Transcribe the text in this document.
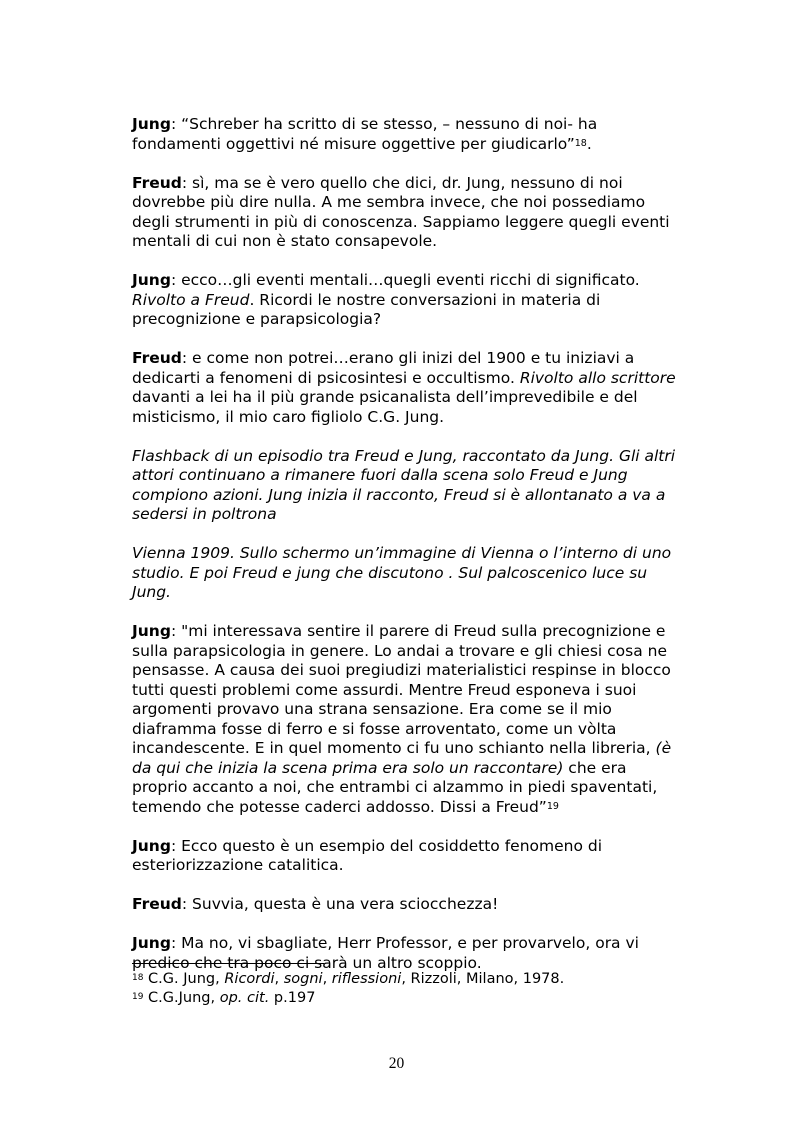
Jung: “Schreber ha scritto di se stesso, – nessuno di noi- ha fondamenti oggettivi né misure oggettive per giudicarlo”$^{18}$.

Freud: sì, ma se è vero quello che dici, dr. Jung, nessuno di noi dovrebbe più dire nulla. A me sembra invece, che noi possediamo degli strumenti in più di conoscenza. Sappiamo leggere quegli eventi mentali di cui non è stato consapevole.

Jung: ecco…gli eventi mentali…quegli eventi ricchi di significato. Rivolto a Freud. Ricordi le nostre conversazioni in materia di precognizione e parapsicologia?

Freud: e come non potrei…erano gli inizi del 1900 e tu iniziavi a dedicarti a fenomeni di psicosintesi e occultismo. Rivolto allo scrittore davanti a lei ha il più grande psicanalista dell’imprevedibile e del misticismo, il mio caro figliolo C.G. Jung.

Flashback di un episodio tra Freud e Jung, raccontato da Jung. Gli altri attori continuano a rimanere fuori dalla scena solo Freud e Jung compiono azioni. Jung inizia il racconto, Freud si è allontanato a va a sedersi in poltrona

Vienna 1909. Sullo schermo un’immagine di Vienna o l’interno di uno studio. E poi Freud e jung che discutono . Sul palcoscenico luce su Jung.

Jung: "mi interessava sentire il parere di Freud sulla precognizione e sulla parapsicologia in genere. Lo andai a trovare e gli chiesi cosa ne pensasse. A causa dei suoi pregiudizi materialistici respinse in blocco tutti questi problemi come assurdi. Mentre Freud esponeva i suoi argomenti provavo una strana sensazione. Era come se il mio diaframma fosse di ferro e si fosse arroventato, come un vòlta incandescente. E in quel momento ci fu uno schianto nella libreria, (è da qui che inizia la scena prima era solo un raccontare) che era proprio accanto a noi, che entrambi ci alzammo in piedi spaventati, temendo che potesse caderci addosso. Dissi a Freud”$^{19}$

Jung: Ecco questo è un esempio del cosiddetto fenomeno di esteriorizzazione catalitica.

Freud: Suvvia, questa è una vera sciocchezza!

Jung: Ma no, vi sbagliate, Herr Professor, e per provarvelo, ora vi predico che tra poco ci sarà un altro scoppio.

$^{18}$ C.G. Jung, Ricordi, sogni, riflessioni, Rizzoli, Milano, 1978.
$^{19}$ C.G.Jung, op. cit. p.197
20
